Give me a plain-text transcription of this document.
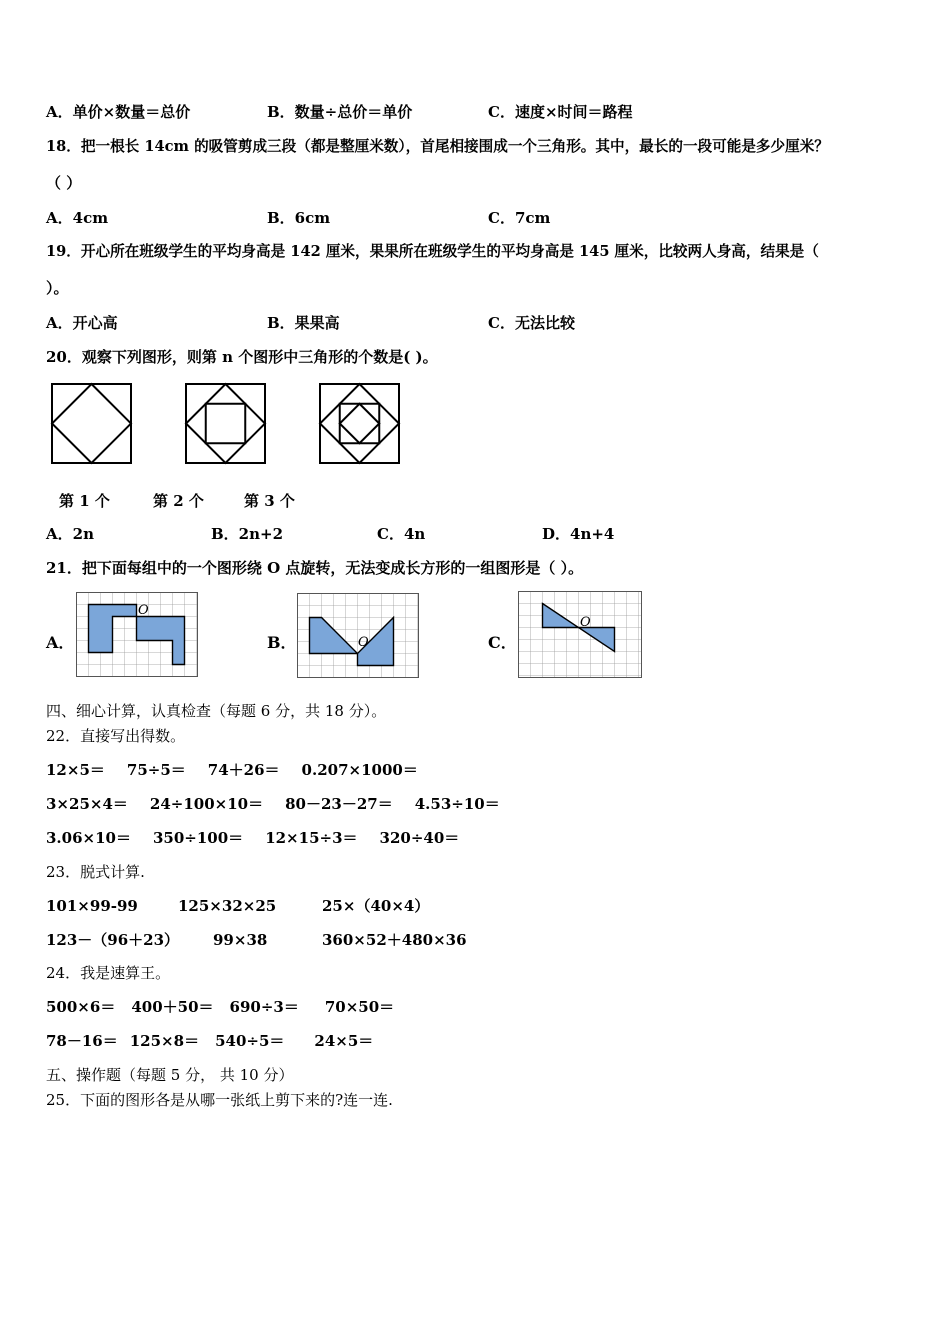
A．单价×数量＝总价	B．数量÷总价＝单价	C．速度×时间＝路程
18．把一根长 14cm 的吸管剪成三段（都是整厘米数），首尾相接围成一个三角形。其中，最长的一段可能是多少厘米？
（ ）
A．4cm	B．6cm	C．7cm
19．开心所在班级学生的平均身高是 142 厘米，果果所在班级学生的平均身高是 145 厘米，比较两人身高，结果是（
）。
A．开心高	B．果果高	C．无法比较
20．观察下列图形，则第 n 个图形中三角形的个数是( )。
第 1 个	第 2 个	第 3 个
A．2n	B．2n+2	C．4n	D．4n+4
21．把下面每组中的一个图形绕 O 点旋转，无法变成长方形的一组图形是（ ）。
A．	B．	C．
O
O
O
四、细心计算，认真检查（每题 6 分，共 18 分）。
22．直接写出得数。
12×5＝ 75÷5＝ 74＋26＝ 0.207×1000＝
3×25×4＝ 24÷100×10＝ 80－23－27＝ 4.53÷10＝
3.06×10＝ 350÷100＝ 12×15÷3＝ 320÷40＝
23．脱式计算.
101×99-99	125×32×25	25×（40×4）
123－（96＋23） 99×38	360×52＋480×36
24．我是速算王。
500×6＝ 400＋50＝ 690÷3＝ 70×50＝
78－16＝ 125×8＝ 540÷5＝ 24×5＝
五、操作题（每题 5 分， 共 10 分）
25．下面的图形各是从哪一张纸上剪下来的?连一连.
